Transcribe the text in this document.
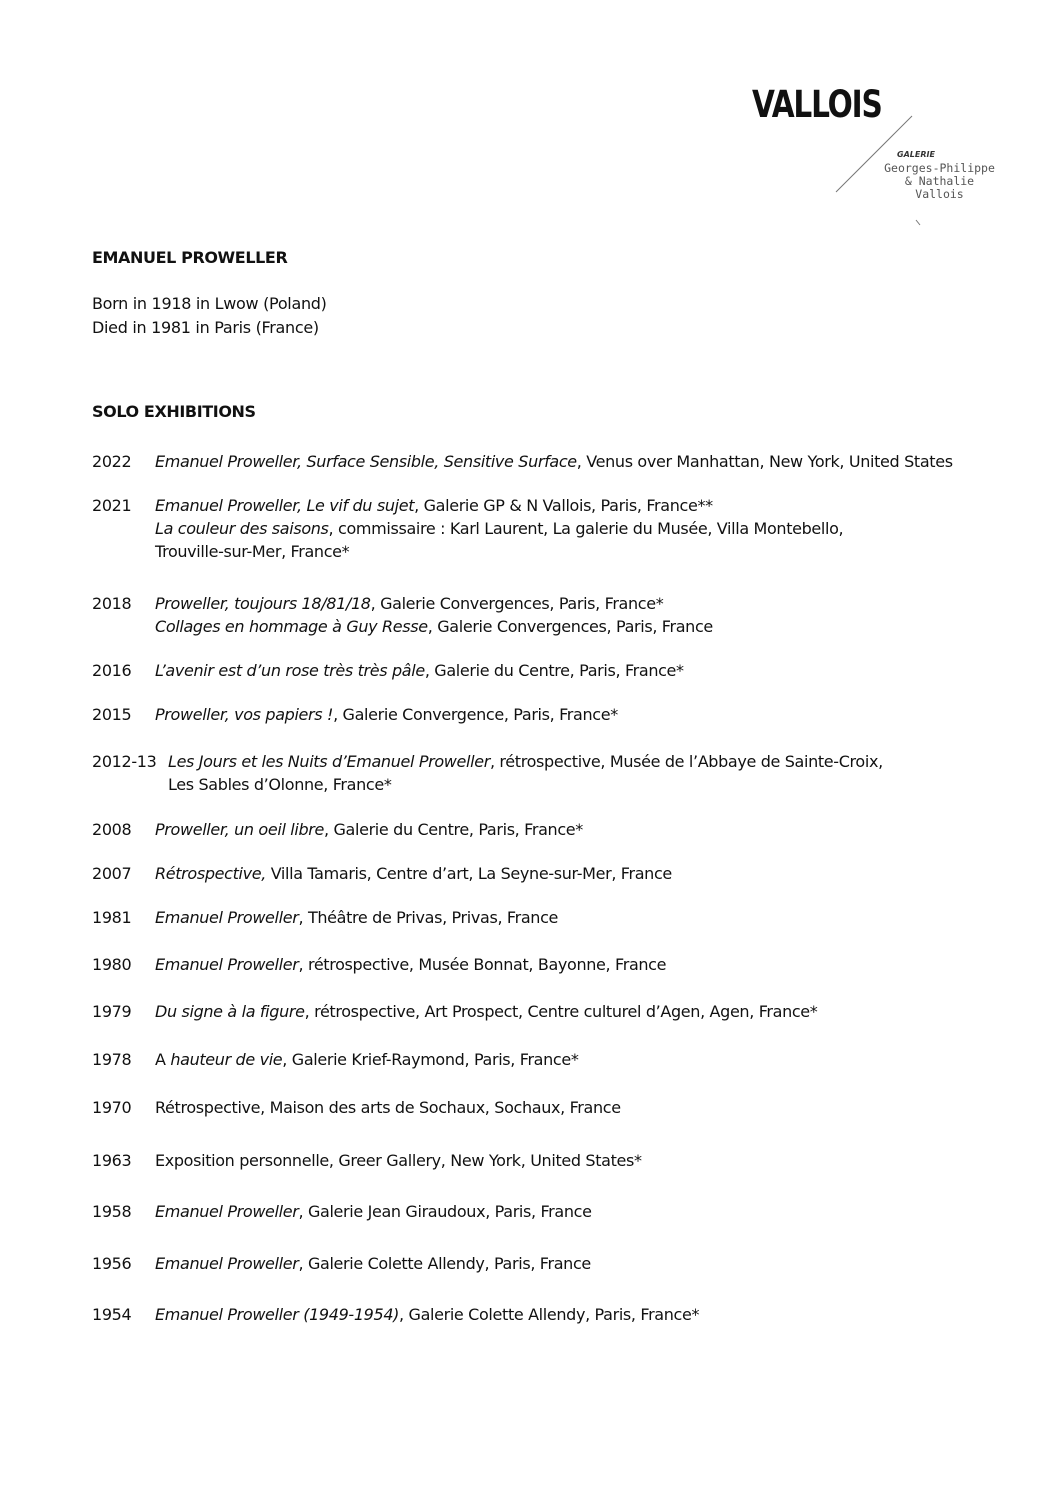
VALLOIS
GALERIE
Georges-Philippe
& Nathalie
Vallois
EMANUEL PROWELLER
Born in 1918 in Lwow (Poland)
Died in 1981 in Paris (France)
SOLO EXHIBITIONS
2022 Emanuel Proweller, Surface Sensible, Sensitive Surface, Venus over Manhattan, New York, United States
2021 Emanuel Proweller, Le vif du sujet, Galerie GP & N Vallois, Paris, France**
La couleur des saisons, commissaire : Karl Laurent, La galerie du Musée, Villa Montebello,
Trouville-sur-Mer, France*
2018 Proweller, toujours 18/81/18, Galerie Convergences, Paris, France*
Collages en hommage à Guy Resse, Galerie Convergences, Paris, France
2016 L’avenir est d’un rose très très pâle, Galerie du Centre, Paris, France*
2015 Proweller, vos papiers !, Galerie Convergence, Paris, France*
2012-13 Les Jours et les Nuits d’Emanuel Proweller, rétrospective, Musée de l’Abbaye de Sainte-Croix,
Les Sables d’Olonne, France*
2008 Proweller, un oeil libre, Galerie du Centre, Paris, France*
2007 Rétrospective, Villa Tamaris, Centre d’art, La Seyne-sur-Mer, France
1981 Emanuel Proweller, Théâtre de Privas, Privas, France
1980 Emanuel Proweller, rétrospective, Musée Bonnat, Bayonne, France
1979 Du signe à la figure, rétrospective, Art Prospect, Centre culturel d’Agen, Agen, France*
1978 A hauteur de vie, Galerie Krief-Raymond, Paris, France*
1970 Rétrospective, Maison des arts de Sochaux, Sochaux, France
1963 Exposition personnelle, Greer Gallery, New York, United States*
1958 Emanuel Proweller, Galerie Jean Giraudoux, Paris, France
1956 Emanuel Proweller, Galerie Colette Allendy, Paris, France
1954 Emanuel Proweller (1949-1954), Galerie Colette Allendy, Paris, France*
